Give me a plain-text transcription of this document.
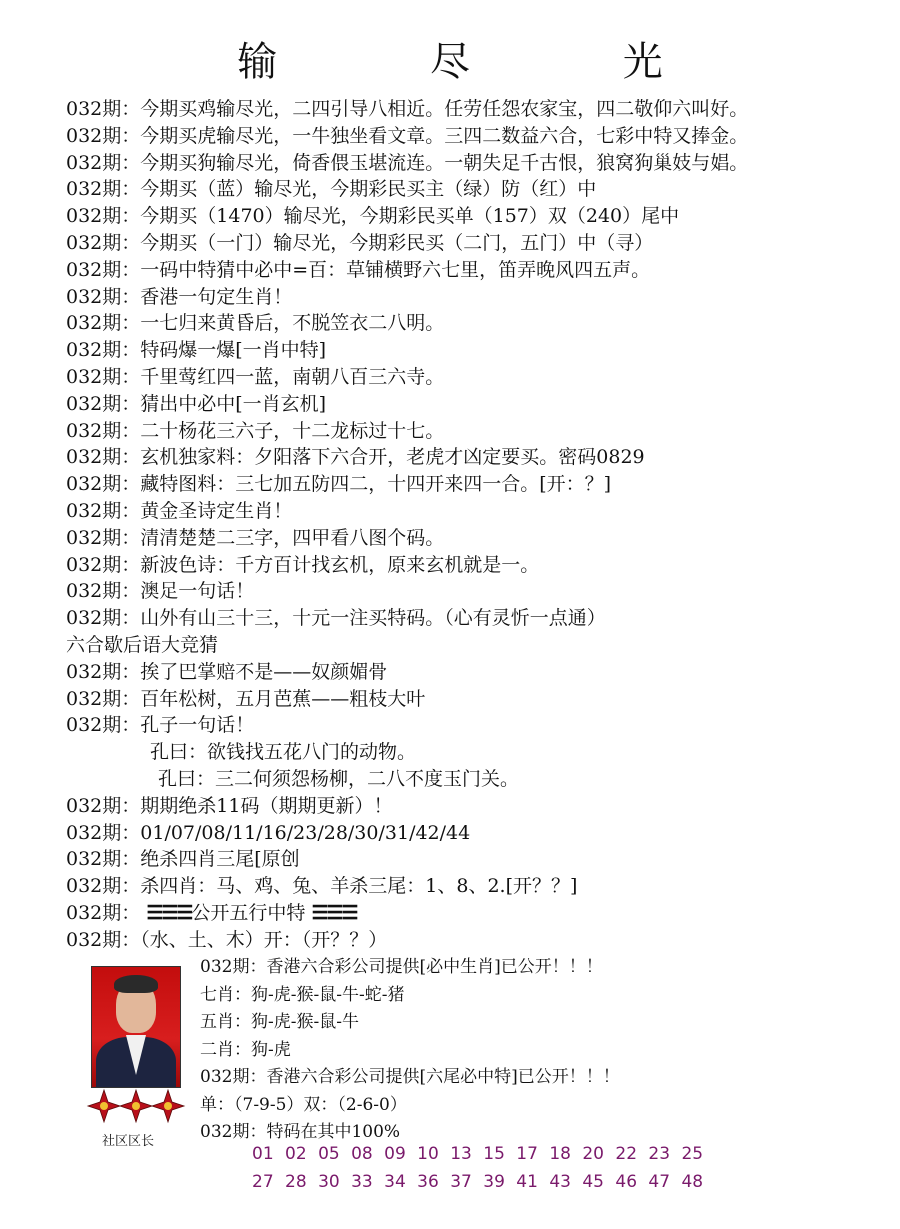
输 尽 光
032期：今期买鸡输尽光，二四引导八相近。任劳任怨农家宝，四二敬仰六叫好。
032期：今期买虎输尽光，一牛独坐看文章。三四二数益六合，七彩中特又捧金。
032期：今期买狗输尽光，倚香偎玉堪流连。一朝失足千古恨，狼窝狗巢妓与娼。
032期：今期买（蓝）输尽光，今期彩民买主（绿）防（红）中
032期：今期买（1470）输尽光，今期彩民买单（157）双（240）尾中
032期：今期买（一门）输尽光，今期彩民买（二门，五门）中（寻）
032期：一码中特猜中必中=百：草铺横野六七里，笛弄晚风四五声。
032期：香港一句定生肖！
032期：一七归来黄昏后，不脱笠衣二八明。
032期：特码爆一爆[一肖中特]
032期：千里莺红四一蓝，南朝八百三六寺。
032期：猜出中必中[一肖玄机]
032期：二十杨花三六子，十二龙标过十七。
032期：玄机独家料：夕阳落下六合开，老虎才凶定要买。密码0829
032期：藏特图料：三七加五防四二，十四开来四一合。[开：？]
032期：黄金圣诗定生肖！
032期：清清楚楚二三字，四甲看八图个码。
032期：新波色诗：千方百计找玄机，原来玄机就是一。
032期：澳足一句话！
032期：山外有山三十三，十元一注买特码。（心有灵忻一点通）
六合歇后语大竞猜
032期：挨了巴掌赔不是——奴颜媚骨
032期：百年松树，五月芭蕉——粗枝大叶
032期：孔子一句话！
孔曰：欲钱找五花八门的动物。
孔曰：三二何须怨杨柳，二八不度玉门关。
032期：期期绝杀11码（期期更新）！
032期：01/07/08/11/16/23/28/30/31/42/44
032期：绝杀四肖三尾[原创
032期：杀四肖：马、鸡、兔、羊杀三尾：1、8、2.[开？？]
032期： ☰☰☰公开五行中特 ☰☰☰
032期：（水、土、木）开：（开？？）
社区区长
032期：香港六合彩公司提供[必中生肖]已公开！！！
七肖：狗-虎-猴-鼠-牛-蛇-猪
五肖：狗-虎-猴-鼠-牛
二肖：狗-虎
032期：香港六合彩公司提供[六尾必中特]已公开！！！
单：（7-9-5）双：（2-6-0）
032期：特码在其中100%
01 02 05 08 09 10 13 15 17 18 20 22 23 25
27 28 30 33 34 36 37 39 41 43 45 46 47 48
